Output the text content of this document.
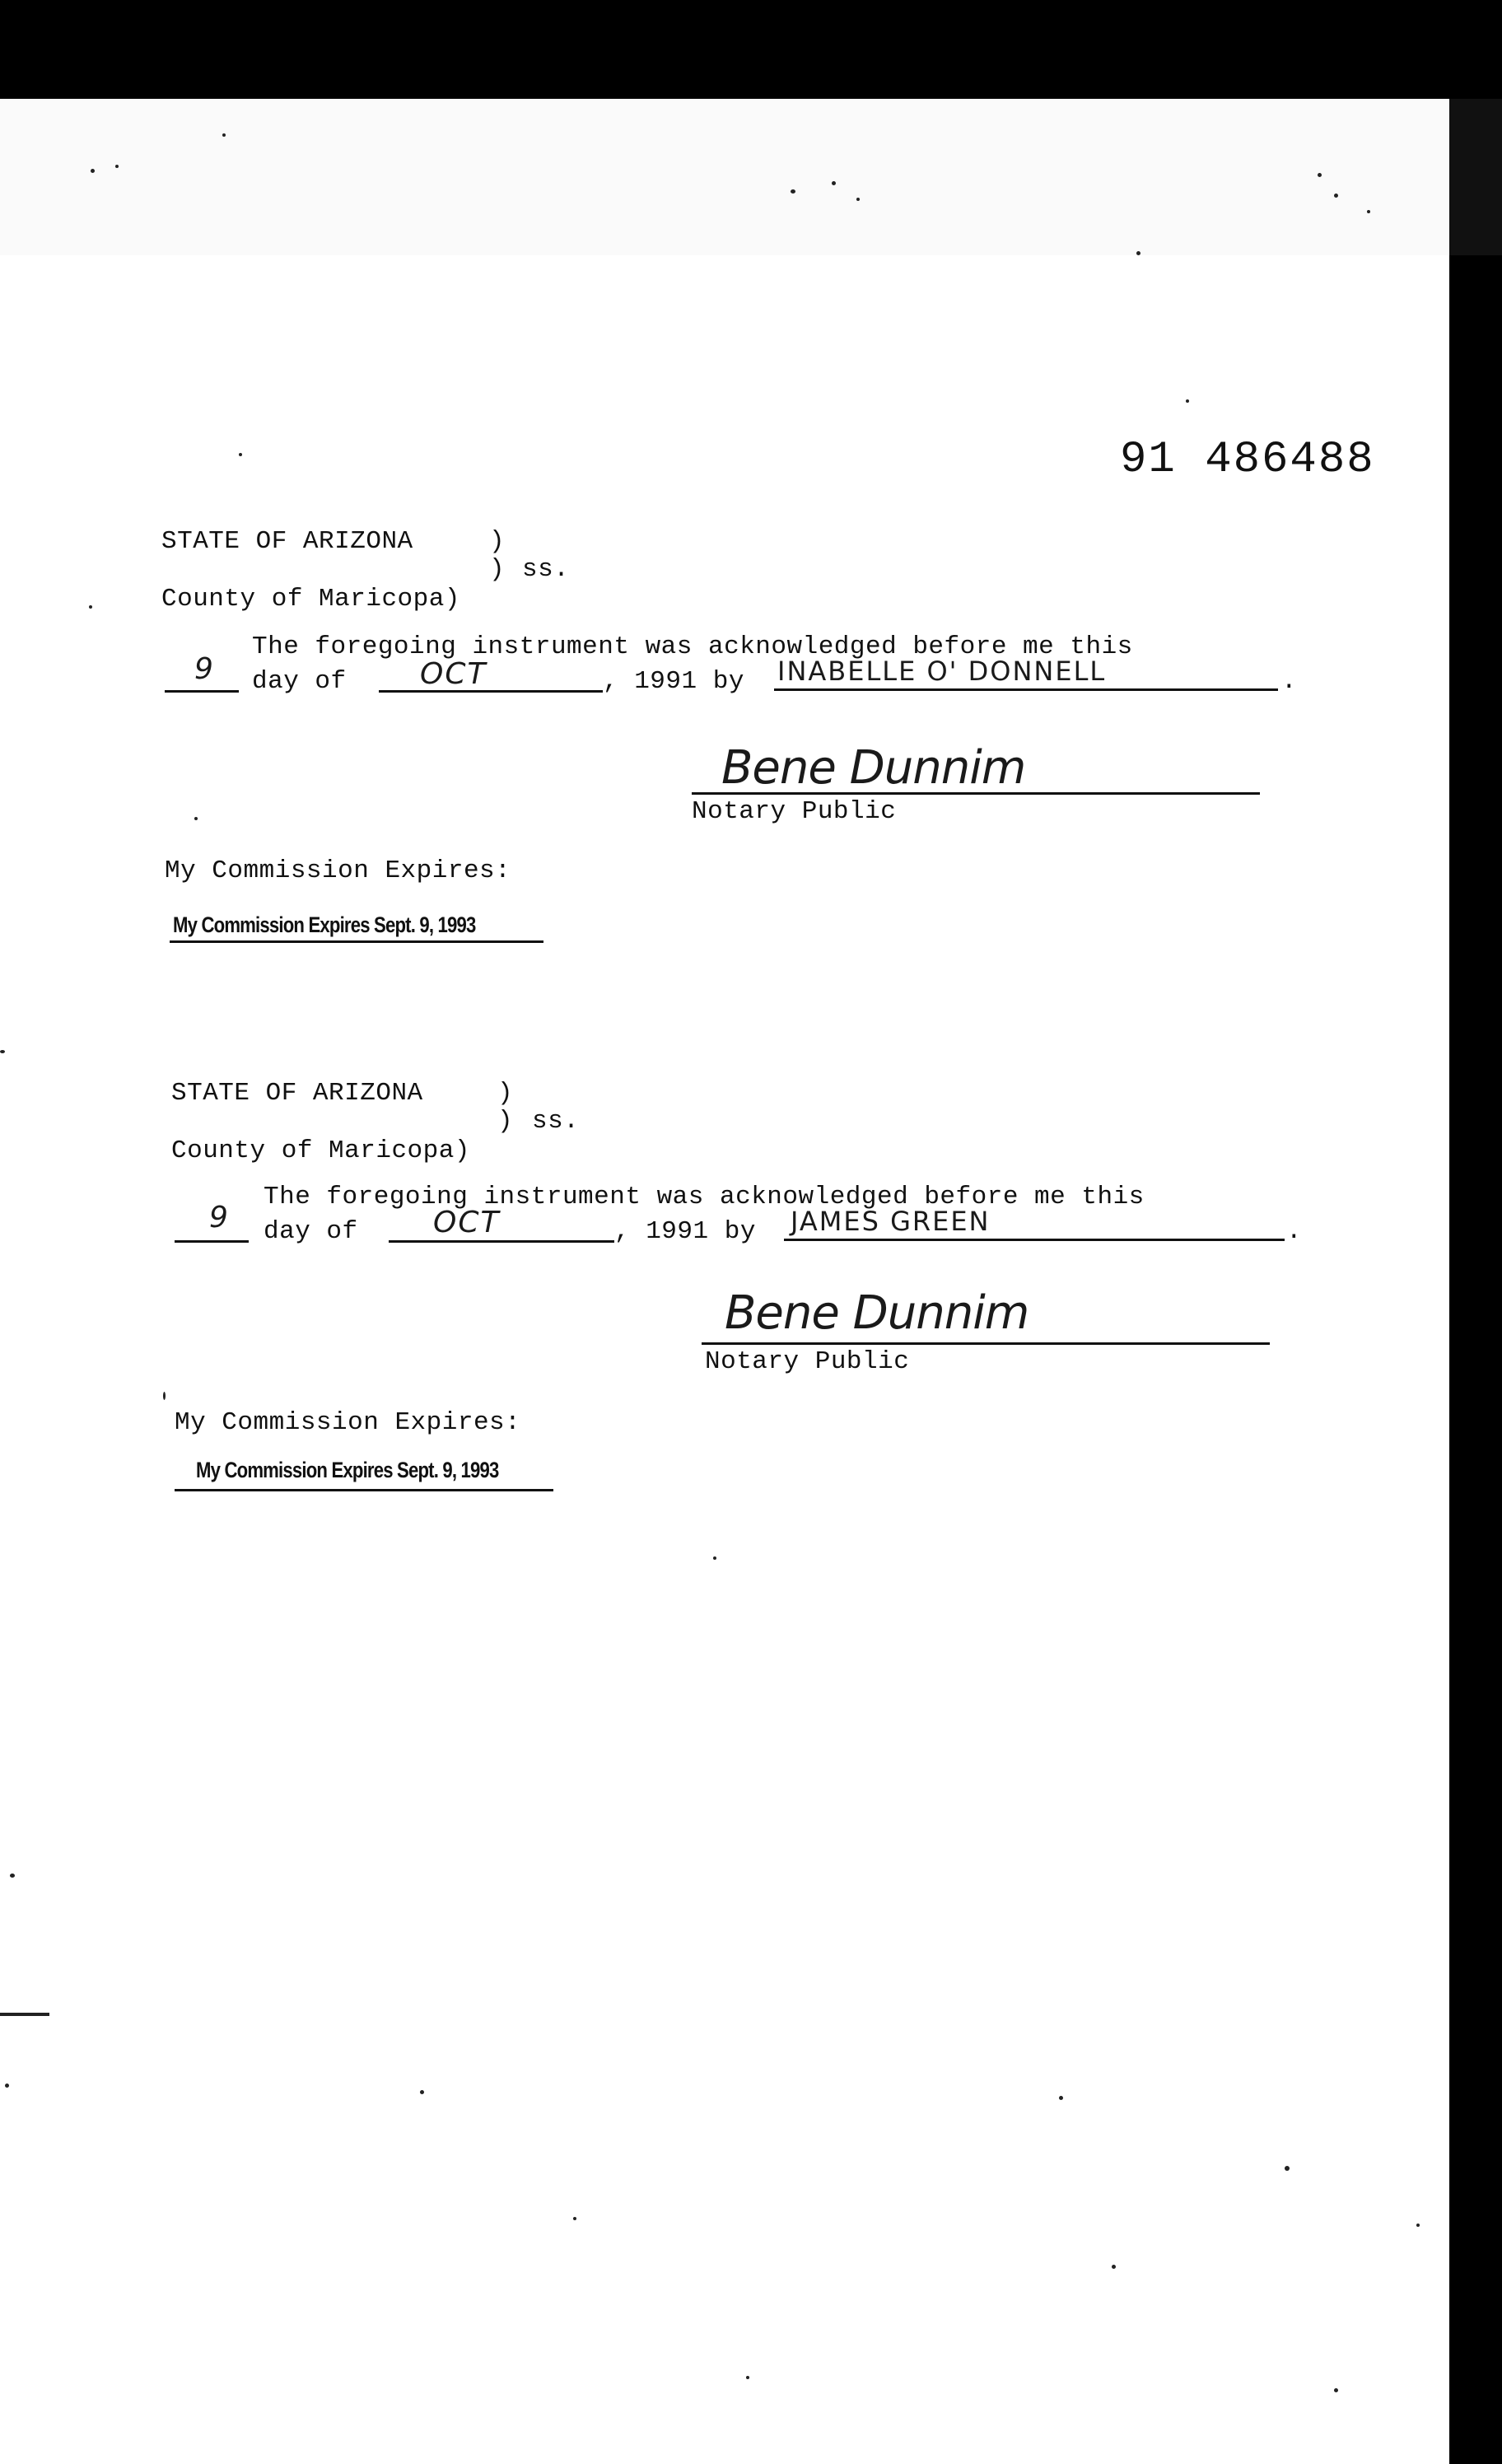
91 486488
STATE OF ARIZONA	)
) ss.
County of Maricopa)
The foregoing instrument was acknowledged before me this
9 day of OCT	, 1991 by INABELLE O' DONNELL	.
Bene Dunnim
Notary Public
My Commission Expires:
My Commission Expires Sept. 9, 1993
STATE OF ARIZONA	)
) ss.
County of Maricopa)
The foregoing instrument was acknowledged before me this
9 day of	OCT	, 1991 by JAMES GREEN	.
Bene Dunnim
Notary Public
My Commission Expires:
My Commission Expires Sept. 9, 1993
